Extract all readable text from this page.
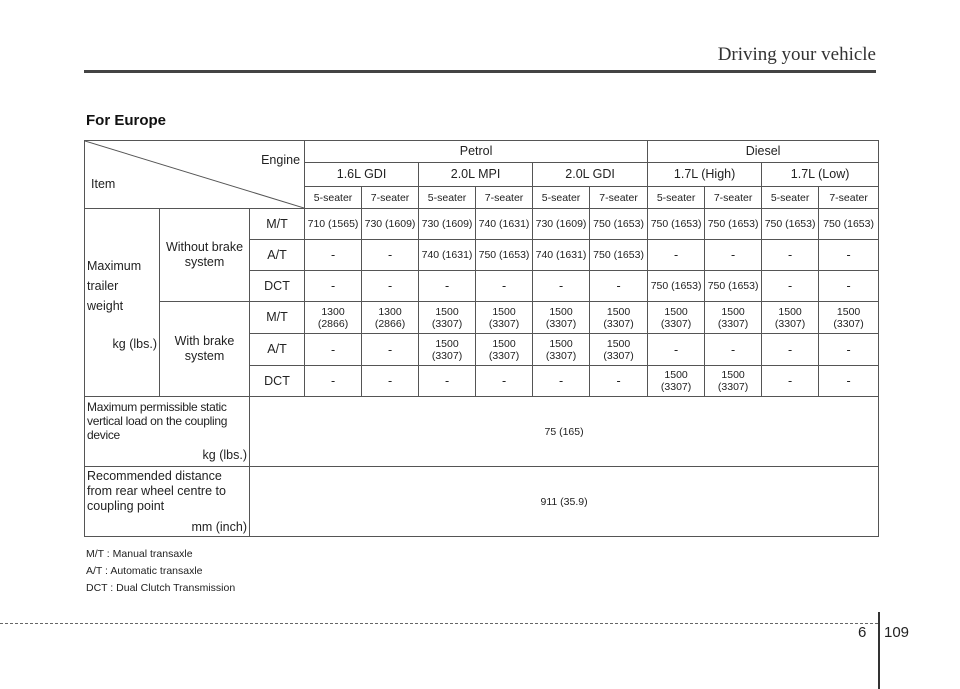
Driving your vehicle
For Europe
Engine
Item			Petrol						Diesel			
			1.6L GDI		2.0L MPI		2.0L GDI		1.7L (High)		1.7L (Low)	
			5-seater	7-seater	5-seater	7-seater	5-seater	7-seater	5-seater	7-seater	5-seater	7-seater

Maximum
trailer
weight
kg (lbs.)	Without brake system	M/T	710 (1565)	730 (1609)	730 (1609)	740 (1631)	730 (1609)	750 (1653)	750 (1653)	750 (1653)	750 (1653)	750 (1653)
		A/T	-	-	740 (1631)	750 (1653)	740 (1631)	750 (1653)	-	-	-	-
		DCT	-	-	-	-	-	-	750 (1653)	750 (1653)	-	-
	With brake system	M/T	1300 (2866)	1300 (2866)	1500 (3307)	1500 (3307)	1500 (3307)	1500 (3307)	1500 (3307)	1500 (3307)	1500 (3307)	1500 (3307)
		A/T	-	-	1500 (3307)	1500 (3307)	1500 (3307)	1500 (3307)	-	-	-	-
		DCT	-	-	-	-	-	-	1500 (3307)	1500 (3307)	-	-

Maximum permissible static vertical load on the coupling device
kg (lbs.)		75 (165)										

Recommended distance from rear wheel centre to coupling point
mm (inch)		911 (35.9)										
M/T : Manual transaxle
A/T : Automatic transaxle
DCT : Dual Clutch Transmission
6 109
